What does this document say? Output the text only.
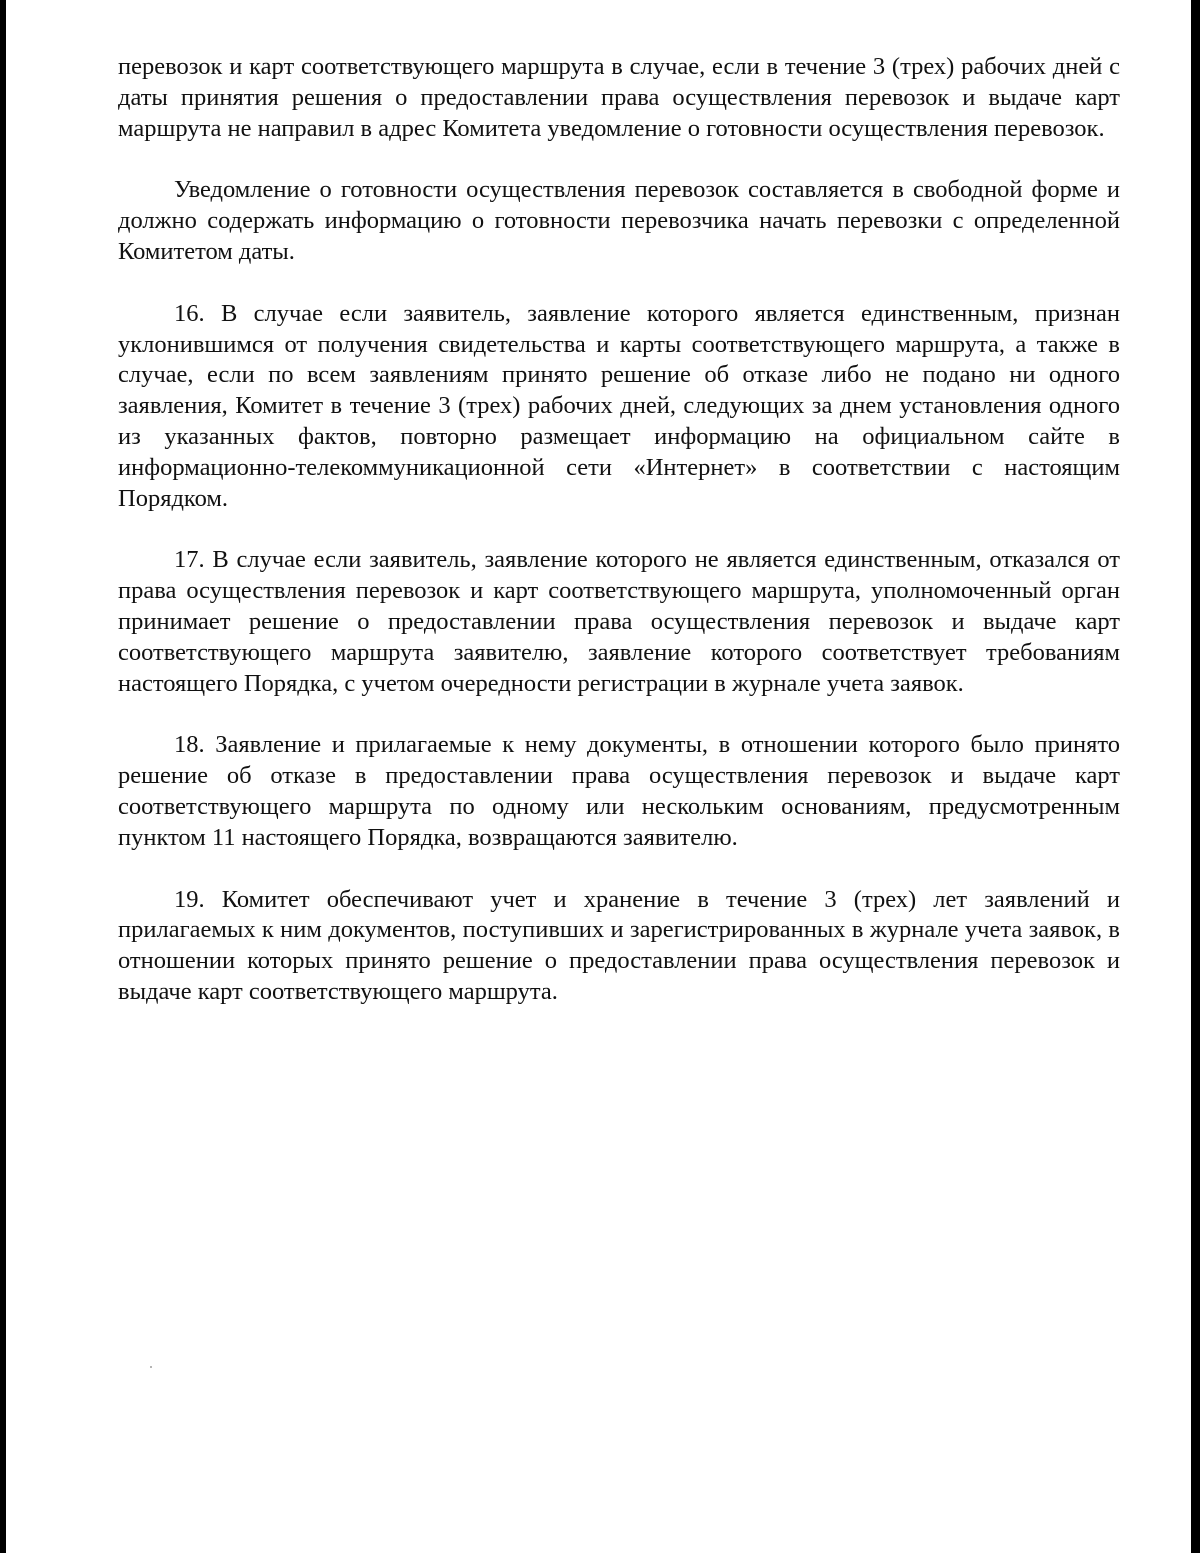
перевозок и карт соответствующего маршрута в случае, если в течение 3 (трех) рабочих дней с даты принятия решения о предоставлении права осуществления перевозок и выдаче карт маршрута не направил в адрес Комитета уведомление о готовности осуществления перевозок.

Уведомление о готовности осуществления перевозок составляется в свободной форме и должно содержать информацию о готовности перевозчика начать перевозки с определенной Комитетом даты.

16. В случае если заявитель, заявление которого является единственным, признан уклонившимся от получения свидетельства и карты соответствующего маршрута, а также в случае, если по всем заявлениям принято решение об отказе либо не подано ни одного заявления, Комитет в течение 3 (трех) рабочих дней, следующих за днем установления одного из указанных фактов, повторно размещает информацию на официальном сайте в информационно-телекоммуникационной сети «Интернет» в соответствии с настоящим Порядком.

17. В случае если заявитель, заявление которого не является единственным, отказался от права осуществления перевозок и карт соответствующего маршрута, уполномоченный орган принимает решение о предоставлении права осуществления перевозок и выдаче карт соответствующего маршрута заявителю, заявление которого соответствует требованиям настоящего Порядка, с учетом очередности регистрации в журнале учета заявок.

18. Заявление и прилагаемые к нему документы, в отношении которого было принято решение об отказе в предоставлении права осуществления перевозок и выдаче карт соответствующего маршрута по одному или нескольким основаниям, предусмотренным пунктом 11 настоящего Порядка, возвращаются заявителю.

19. Комитет обеспечивают учет и хранение в течение 3 (трех) лет заявлений и прилагаемых к ним документов, поступивших и зарегистрированных в журнале учета заявок, в отношении которых принято решение о предоставлении права осуществления перевозок и выдаче карт соответствующего маршрута.
